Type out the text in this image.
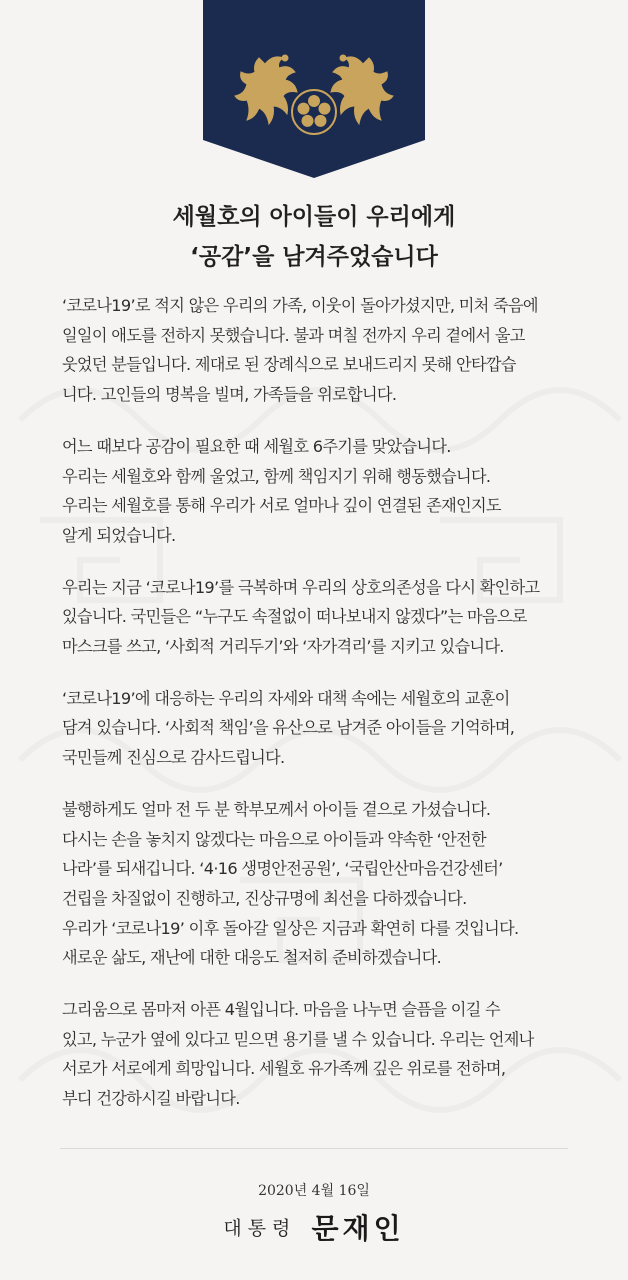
세월호의 아이들이 우리에게
‘공감’을 남겨주었습니다

‘코로나19’로 적지 않은 우리의 가족, 이웃이 돌아가셨지만, 미처 죽음에
일일이 애도를 전하지 못했습니다. 불과 며칠 전까지 우리 곁에서 울고
웃었던 분들입니다. 제대로 된 장례식으로 보내드리지 못해 안타깝습
니다. 고인들의 명복을 빌며, 가족들을 위로합니다.

어느 때보다 공감이 필요한 때 세월호 6주기를 맞았습니다.
우리는 세월호와 함께 울었고, 함께 책임지기 위해 행동했습니다.
우리는 세월호를 통해 우리가 서로 얼마나 깊이 연결된 존재인지도
알게 되었습니다.

우리는 지금 ‘코로나19’를 극복하며 우리의 상호의존성을 다시 확인하고
있습니다. 국민들은 “누구도 속절없이 떠나보내지 않겠다”는 마음으로
마스크를 쓰고, ‘사회적 거리두기’와 ‘자가격리’를 지키고 있습니다.

‘코로나19’에 대응하는 우리의 자세와 대책 속에는 세월호의 교훈이
담겨 있습니다. ‘사회적 책임’을 유산으로 남겨준 아이들을 기억하며,
국민들께 진심으로 감사드립니다.

불행하게도 얼마 전 두 분 학부모께서 아이들 곁으로 가셨습니다.
다시는 손을 놓치지 않겠다는 마음으로 아이들과 약속한 ‘안전한
나라’를 되새깁니다. ‘4·16 생명안전공원’, ‘국립안산마음건강센터’
건립을 차질없이 진행하고, 진상규명에 최선을 다하겠습니다.
우리가 ‘코로나19’ 이후 돌아갈 일상은 지금과 확연히 다를 것입니다.
새로운 삶도, 재난에 대한 대응도 철저히 준비하겠습니다.

그리움으로 몸마저 아픈 4월입니다. 마음을 나누면 슬픔을 이길 수
있고, 누군가 옆에 있다고 믿으면 용기를 낼 수 있습니다. 우리는 언제나
서로가 서로에게 희망입니다. 세월호 유가족께 깊은 위로를 전하며,
부디 건강하시길 바랍니다.

2020년 4월 16일
대통령 문재인
